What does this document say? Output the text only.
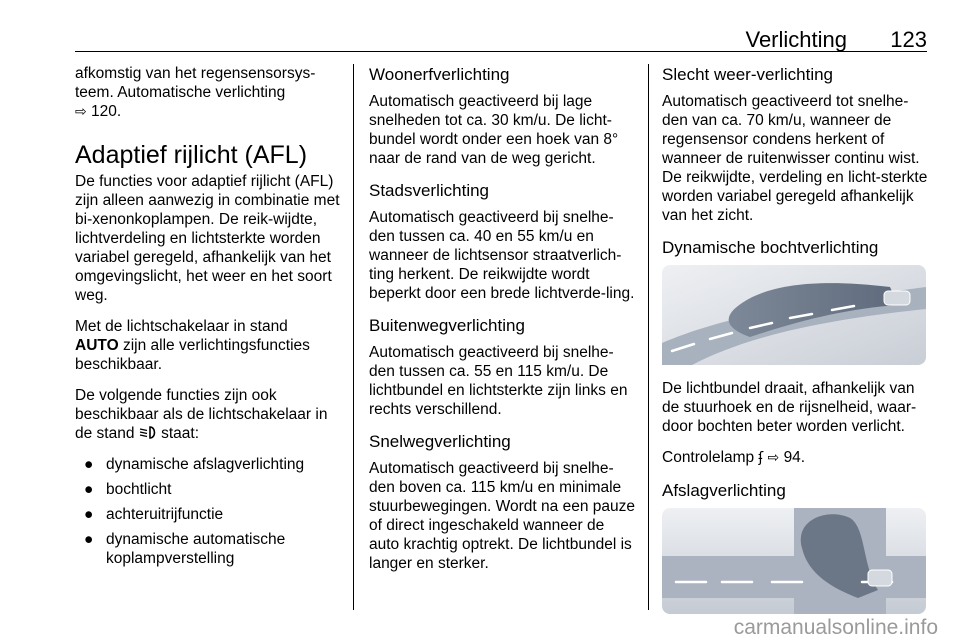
Verlichting 123

afkomstig van het regensensorsys-
teem. Automatische verlichting
⇨ 120.

Adaptief rijlicht (AFL)

De functies voor adaptief rijlicht (AFL) zijn alleen aanwezig in combinatie met bi-xenonkoplampen. De reik-wijdte, lichtverdeling en lichtsterkte worden variabel geregeld, afhankelijk van het omgevingslicht, het weer en het soort weg.

Met de lichtschakelaar in stand
AUTO zijn alle verlichtingsfuncties beschikbaar.

De volgende functies zijn ook beschikbaar als de lichtschakelaar in de stand  staat:

● dynamische afslagverlichting
● bochtlicht
● achteruitrijfunctie
● dynamische automatische koplampverstelling
Woonerfverlichting

Automatisch geactiveerd bij lage snelheden tot ca. 30 km/u. De licht-bundel wordt onder een hoek van 8° naar de rand van de weg gericht.

Stadsverlichting

Automatisch geactiveerd bij snelhe-den tussen ca. 40 en 55 km/u en wanneer de lichtsensor straatverlich-ting herkent. De reikwijdte wordt beperkt door een brede lichtverde-ling.

Buitenwegverlichting

Automatisch geactiveerd bij snelhe-den tussen ca. 55 en 115 km/u. De lichtbundel en lichtsterkte zijn links en rechts verschillend.

Snelwegverlichting

Automatisch geactiveerd bij snelhe-den boven ca. 115 km/u en minimale stuurbewegingen. Wordt na een pauze of direct ingeschakeld wanneer de auto krachtig optrekt. De lichtbundel is langer en sterker.

Slecht weer-verlichting

Automatisch geactiveerd tot snelhe-den van ca. 70 km/u, wanneer de regensensor condens herkent of wanneer de ruitenwisser continu wist. De reikwijdte, verdeling en licht-sterkte worden variabel geregeld afhankelijk van het zicht.

Dynamische bochtverlichting

De lichtbundel draait, afhankelijk van de stuurhoek en de rijsnelheid, waar-door bochten beter worden verlicht.

Controlelamp ʄ ⇨ 94.

Afslagverlichting
carmanualsonline.info
